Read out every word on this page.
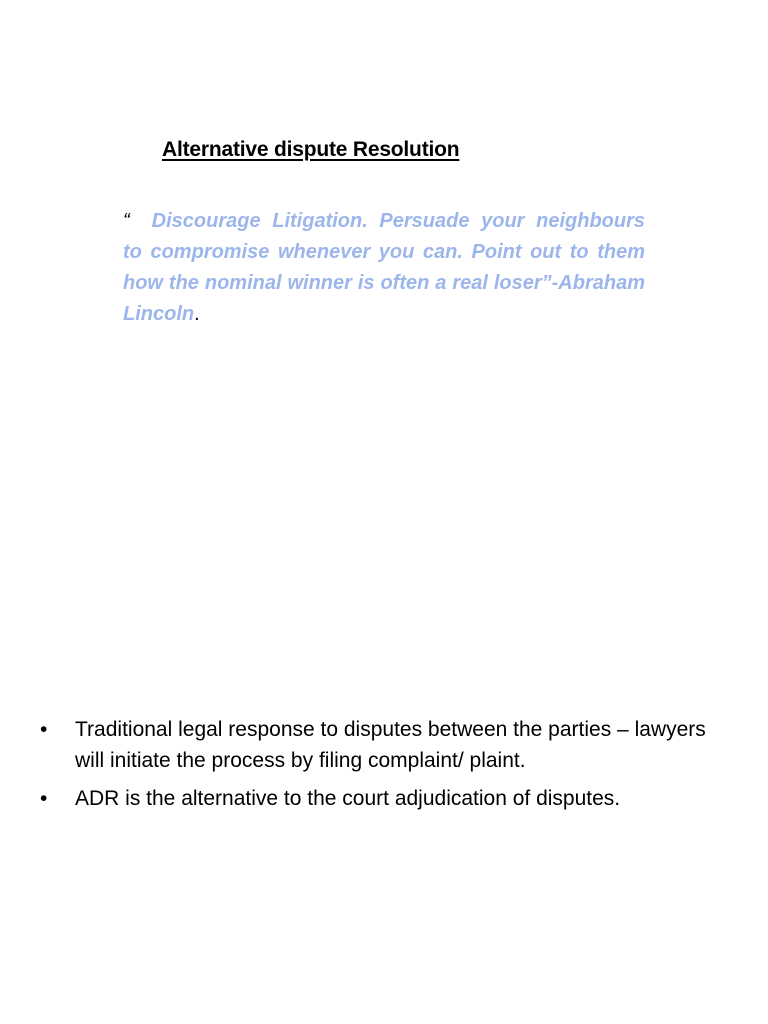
Alternative dispute Resolution
“ Discourage Litigation. Persuade your neighbours to compromise whenever you can. Point out to them how the nominal winner is often a real loser”-Abraham Lincoln.
• Traditional legal response to disputes between the parties – lawyers will initiate the process by filing complaint/ plaint.
• ADR is the alternative to the court adjudication of disputes.
